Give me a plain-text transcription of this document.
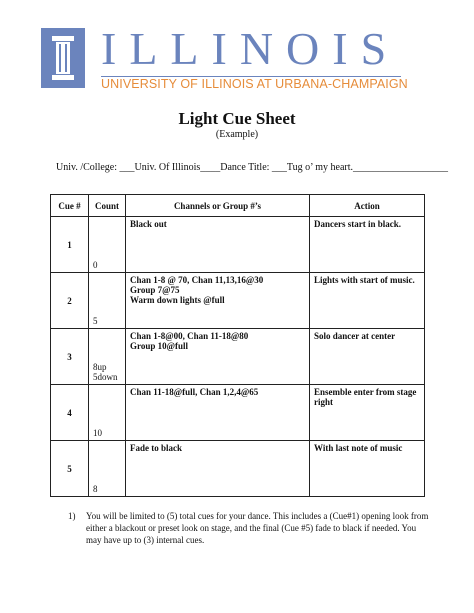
ILLINOIS
UNIVERSITY OF ILLINOIS AT URBANA-CHAMPAIGN
Light Cue Sheet
(Example)
Univ. /College: ___Univ. Of Illinois____Dance Title: ___Tug o’ my heart.___________________
Cue #	Count	Channels or Group #’s	Action
1	0	Black out	Dancers start in black.
2	5	Chan 1-8 @ 70, Chan 11,13,16@30
Group 7@75
Warm down lights @full	Lights with start of music.
3	8up
5down	Chan 1-8@00, Chan 11-18@80
Group 10@full	Solo dancer at center
4	10	Chan 11-18@full, Chan 1,2,4@65	Ensemble enter from stage right
5	8	Fade to black	With last note of music
1) You will be limited to (5) total cues for your dance. This includes a (Cue#1) opening look from either a blackout or preset look on stage, and the final (Cue #5) fade to black if needed. You may have up to (3) internal cues.
